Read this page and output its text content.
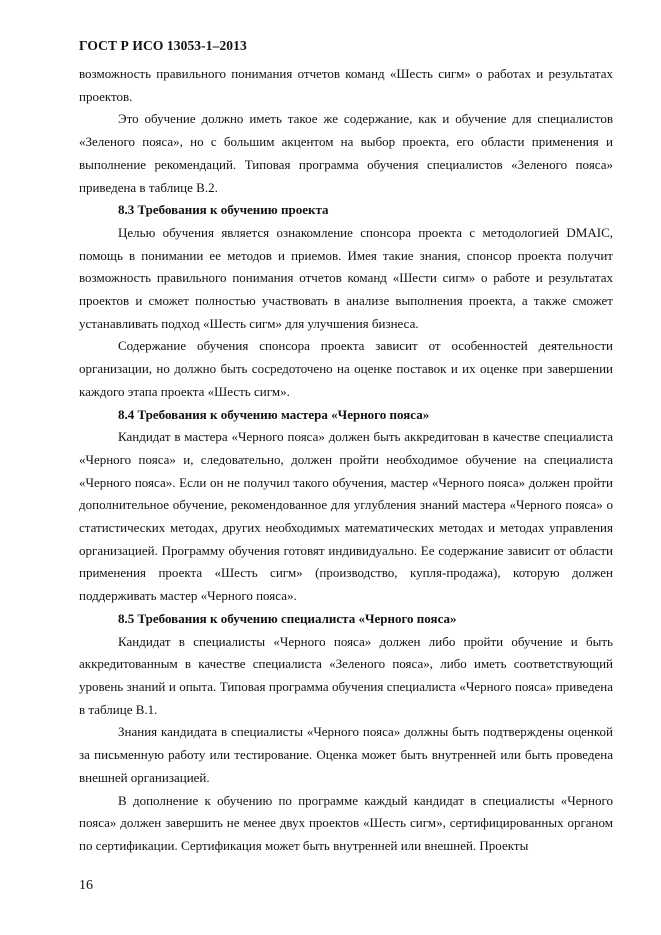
ГОСТ Р ИСО 13053-1–2013

возможность правильного понимания отчетов команд «Шесть сигм» о работах и результатах проектов.

Это обучение должно иметь такое же содержание, как и обучение для специалистов «Зеленого пояса», но с большим акцентом на выбор проекта, его области применения и выполнение рекомендаций. Типовая программа обучения специалистов «Зеленого пояса» приведена в таблице В.2.

8.3 Требования к обучению проекта

Целью обучения является ознакомление спонсора проекта с методологией DMAIC, помощь в понимании ее методов и приемов. Имея такие знания, спонсор проекта получит возможность правильного понимания отчетов команд «Шести сигм» о работе и результатах проектов и сможет полностью участвовать в анализе выполнения проекта, а также сможет устанавливать подход «Шесть сигм» для улучшения бизнеса.

Содержание обучения спонсора проекта зависит от особенностей деятельности организации, но должно быть сосредоточено на оценке поставок и их оценке при завершении каждого этапа проекта «Шесть сигм».

8.4 Требования к обучению мастера «Черного пояса»

Кандидат в мастера «Черного пояса» должен быть аккредитован в качестве специалиста «Черного пояса» и, следовательно, должен пройти необходимое обучение на специалиста «Черного пояса». Если он не получил такого обучения, мастер «Черного пояса» должен пройти дополнительное обучение, рекомендованное для углубления знаний мастера «Черного пояса» о статистических методах, других необходимых математических методах и методах управления организацией. Программу обучения готовят индивидуально. Ее содержание зависит от области применения проекта «Шесть сигм» (производство, купля-продажа), которую должен поддерживать мастер «Черного пояса».

8.5 Требования к обучению специалиста «Черного пояса»

Кандидат в специалисты «Черного пояса» должен либо пройти обучение и быть аккредитованным в качестве специалиста «Зеленого пояса», либо иметь соответствующий уровень знаний и опыта. Типовая программа обучения специалиста «Черного пояса» приведена в таблице В.1.

Знания кандидата в специалисты «Черного пояса» должны быть подтверждены оценкой за письменную работу или тестирование. Оценка может быть внутренней или быть проведена внешней организацией.

В дополнение к обучению по программе каждый кандидат в специалисты «Черного пояса» должен завершить не менее двух проектов «Шесть сигм», сертифицированных органом по сертификации. Сертификация может быть внутренней или внешней. Проекты

16
